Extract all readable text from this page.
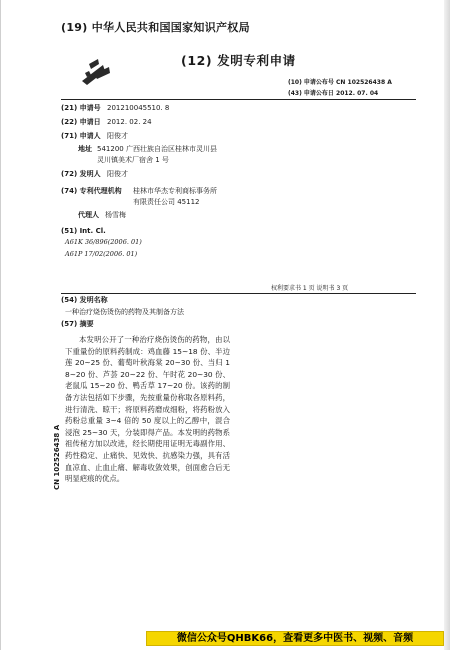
(19) 中华人民共和国国家知识产权局
(12) 发明专利申请
(10) 申请公布号 CN 102526438 A
(43) 申请公布日 2012. 07. 04
(21) 申请号 201210045510. 8
(22) 申请日 2012. 02. 24
(71) 申请人 阳俊才
地址 541200 广西壮族自治区桂林市灵川县
灵川镇美术厂宿舍 1 号
(72) 发明人 阳俊才
(74) 专利代理机构 桂林市华杰专利商标事务所
有限责任公司 45112
代理人 杨雪梅
(51) Int. Cl.
A61K 36/896(2006. 01)
A61P 17/02(2006. 01)
权利要求书 1 页 说明书 3 页
(54) 发明名称
一种治疗烧伤烫伤的药物及其制备方法
(57) 摘要
本发明公开了一种治疗烧伤烫伤的药物，由以下重量份的原料药制成：鸡血藤 15~18 份、半边莲 20~25 份、葡萄叶秋海棠 20~30 份、当归 18~20 份、芦荟 20~22 份、午时花 20~30 份、老鼠瓜 15~20 份、鸭舌草 17~20 份。该药的制备方法包括如下步骤，先按重量份称取各原料药，进行清洗、晾干；将原料药磨成细粉，将药粉放入药粉总重量 3~4 倍的 50 度以上的乙醇中，混合浸泡 25~30 天，分装即得产品。本发明的药物系祖传秘方加以改进，经长期使用证明无毒副作用、药性稳定、止痛快、见效快、抗感染力强，具有活血凉血、止血止痛、解毒收敛效果，创面愈合后无明显疤痕的优点。
CN 102526438 A
微信公众号QHBK66，查看更多中医书、视频、音频
